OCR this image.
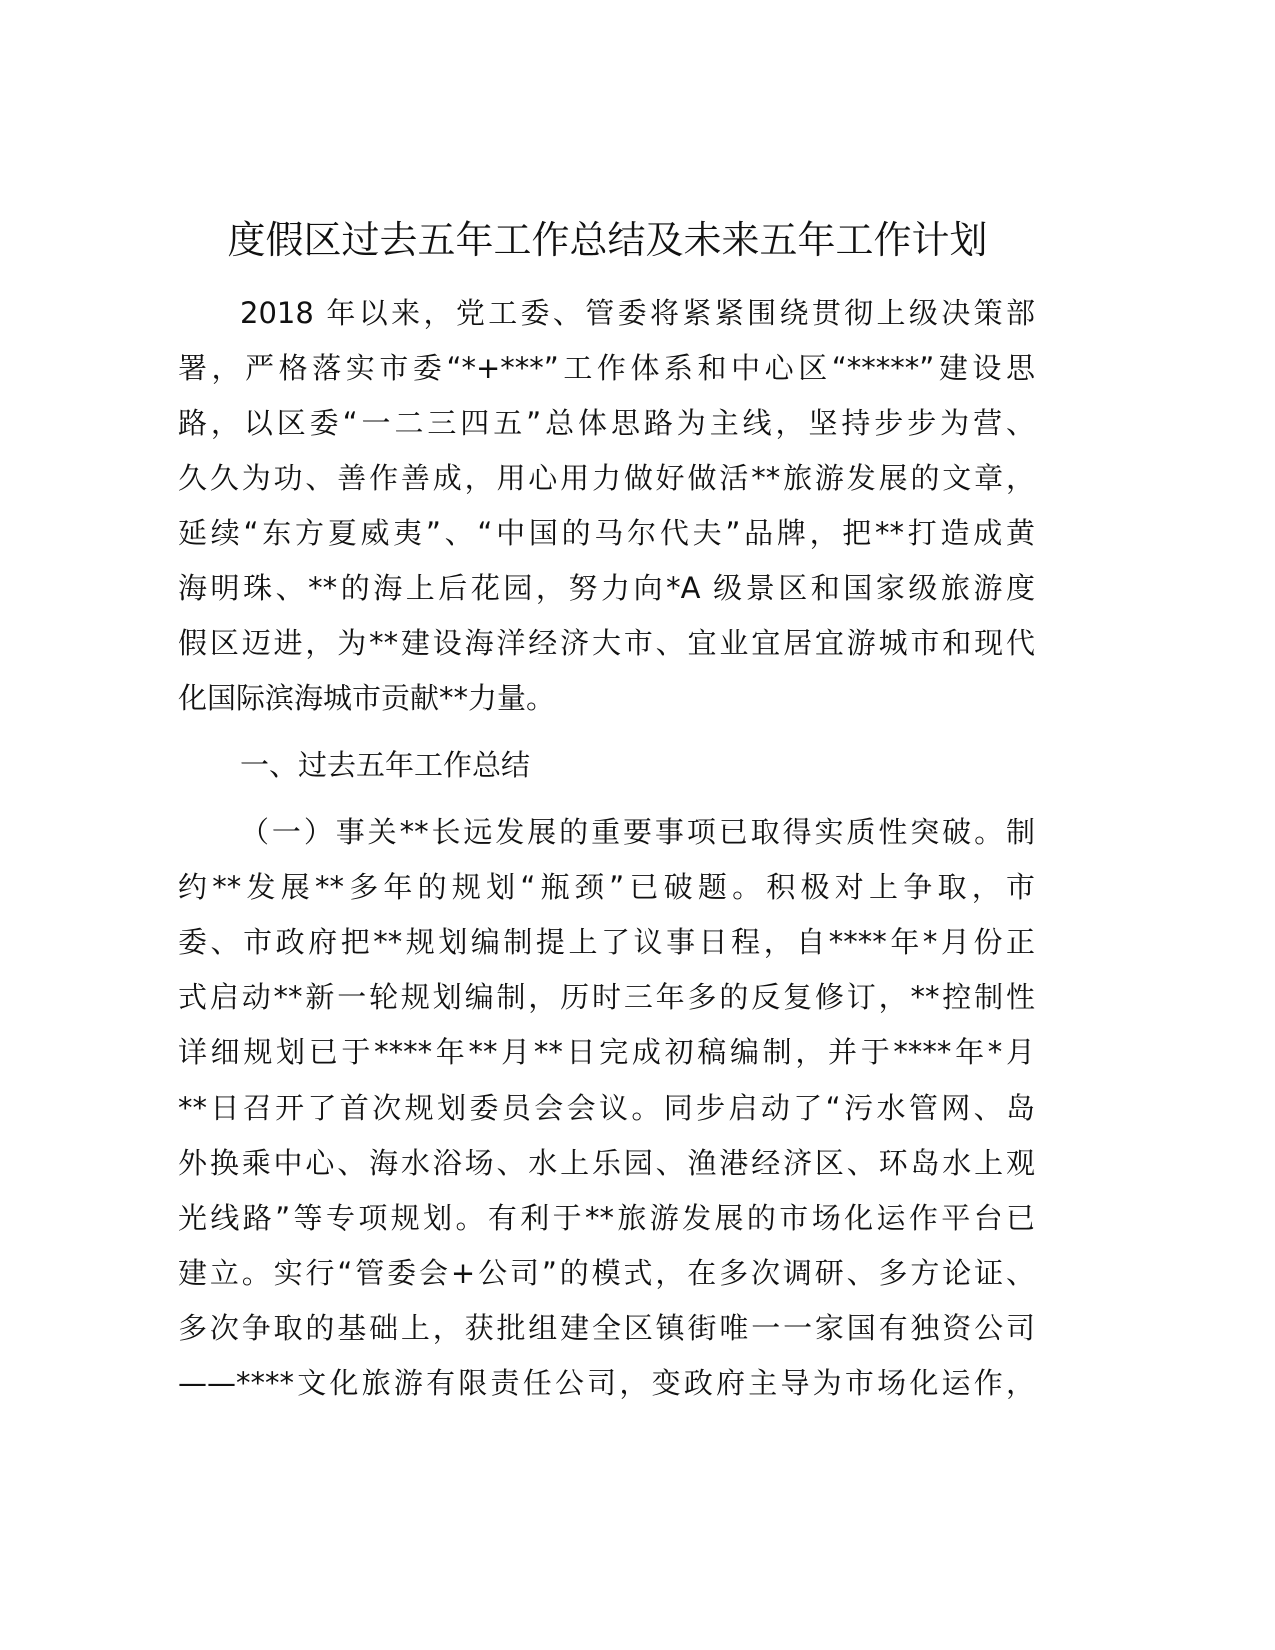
度假区过去五年工作总结及未来五年工作计划
2018 年以来，党工委、管委将紧紧围绕贯彻上级决策部
署，严格落实市委“*+***”工作体系和中心区“*****”建设思
路，以区委“一二三四五”总体思路为主线，坚持步步为营、
久久为功、善作善成，用心用力做好做活**旅游发展的文章，
延续“东方夏威夷”、“中国的马尔代夫”品牌，把**打造成黄
海明珠、**的海上后花园，努力向*A 级景区和国家级旅游度
假区迈进，为**建设海洋经济大市、宜业宜居宜游城市和现代
化国际滨海城市贡献**力量。
一、过去五年工作总结
（一）事关**长远发展的重要事项已取得实质性突破。制
约**发展**多年的规划“瓶颈”已破题。积极对上争取，市
委、市政府把**规划编制提上了议事日程，自****年*月份正
式启动**新一轮规划编制，历时三年多的反复修订，**控制性
详细规划已于****年**月**日完成初稿编制，并于****年*月
**日召开了首次规划委员会会议。同步启动了“污水管网、岛
外换乘中心、海水浴场、水上乐园、渔港经济区、环岛水上观
光线路”等专项规划。有利于**旅游发展的市场化运作平台已
建立。实行“管委会+公司”的模式，在多次调研、多方论证、
多次争取的基础上，获批组建全区镇街唯一一家国有独资公司
——****文化旅游有限责任公司，变政府主导为市场化运作，
